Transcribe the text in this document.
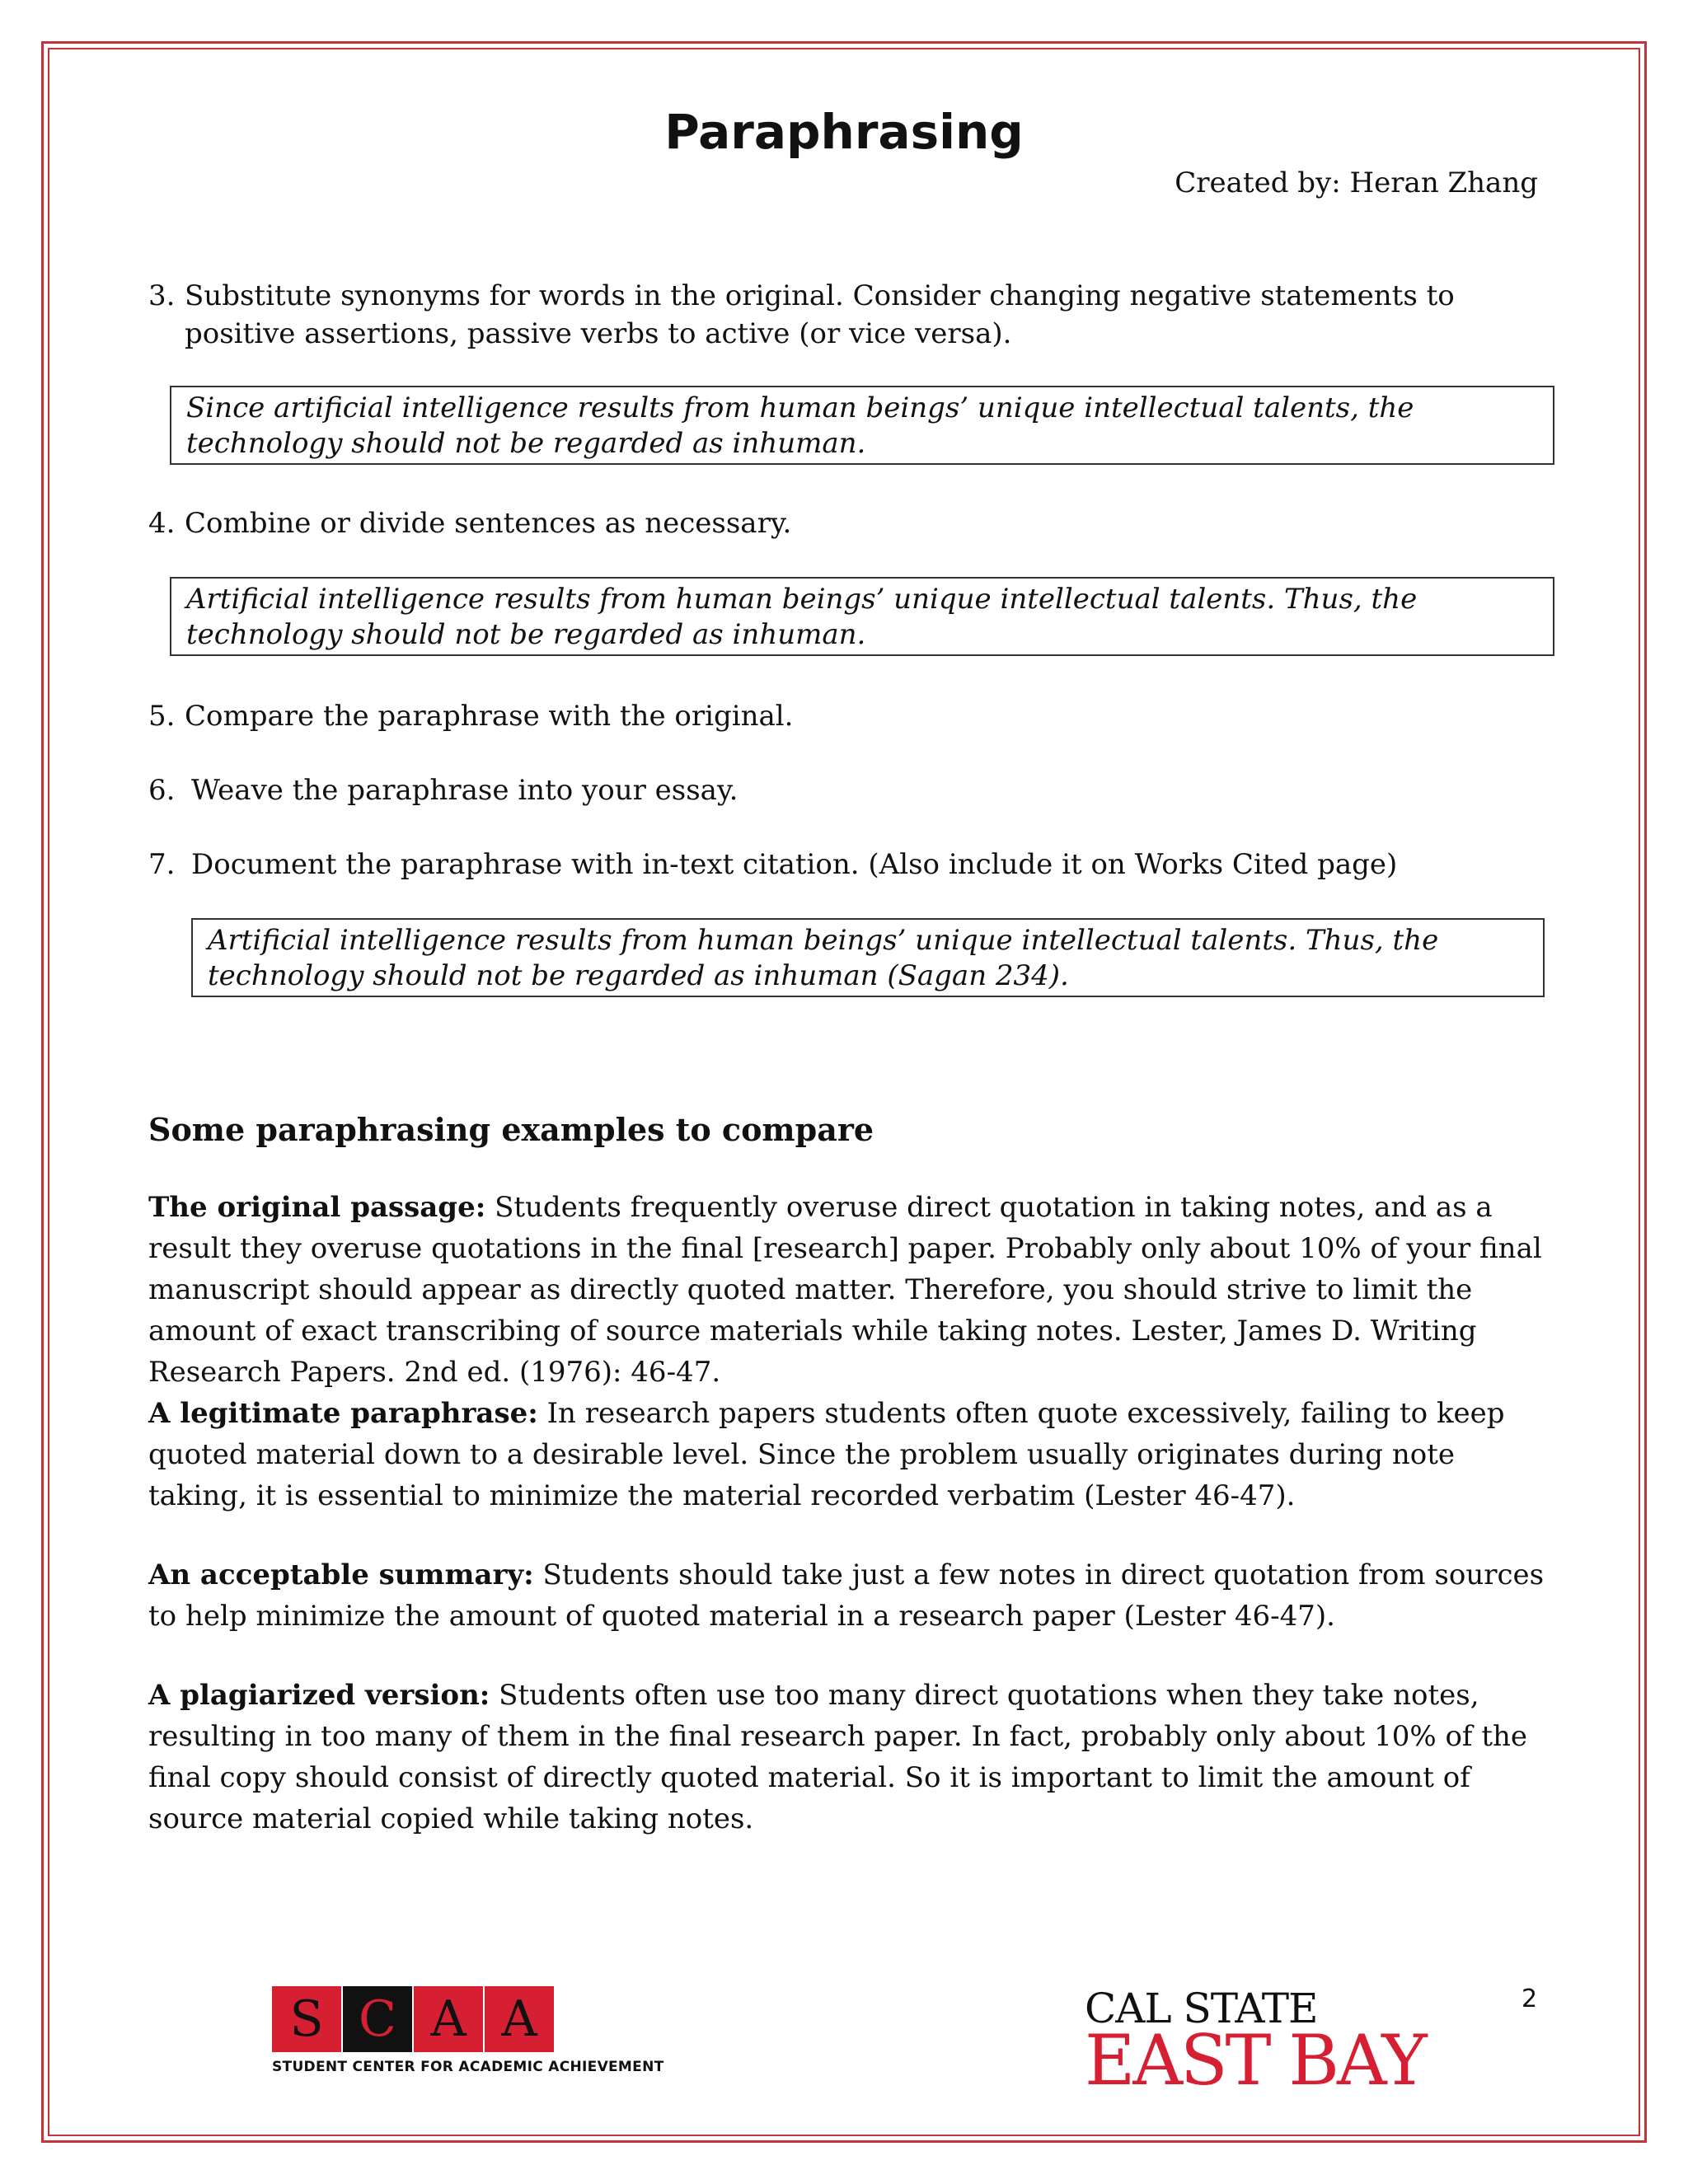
Paraphrasing
Created by: Heran Zhang
3. Substitute synonyms for words in the original. Consider changing negative statements to positive assertions, passive verbs to active (or vice versa).
Since artificial intelligence results from human beings’ unique intellectual talents, the technology should not be regarded as inhuman.
4. Combine or divide sentences as necessary.
Artificial intelligence results from human beings’ unique intellectual talents. Thus, the technology should not be regarded as inhuman.
5. Compare the paraphrase with the original.
6. Weave the paraphrase into your essay.
7. Document the paraphrase with in-text citation. (Also include it on Works Cited page)
Artificial intelligence results from human beings’ unique intellectual talents. Thus, the technology should not be regarded as inhuman (Sagan 234).
Some paraphrasing examples to compare
The original passage: Students frequently overuse direct quotation in taking notes, and as a result they overuse quotations in the final [research] paper. Probably only about 10% of your final manuscript should appear as directly quoted matter. Therefore, you should strive to limit the amount of exact transcribing of source materials while taking notes. Lester, James D. Writing Research Papers. 2nd ed. (1976): 46-47.
A legitimate paraphrase: In research papers students often quote excessively, failing to keep quoted material down to a desirable level. Since the problem usually originates during note taking, it is essential to minimize the material recorded verbatim (Lester 46-47).
An acceptable summary: Students should take just a few notes in direct quotation from sources to help minimize the amount of quoted material in a research paper (Lester 46-47).
A plagiarized version: Students often use too many direct quotations when they take notes, resulting in too many of them in the final research paper. In fact, probably only about 10% of the final copy should consist of directly quoted material. So it is important to limit the amount of source material copied while taking notes.
S C A A
STUDENT CENTER FOR ACADEMIC ACHIEVEMENT
CAL STATE
EAST BAY
2
